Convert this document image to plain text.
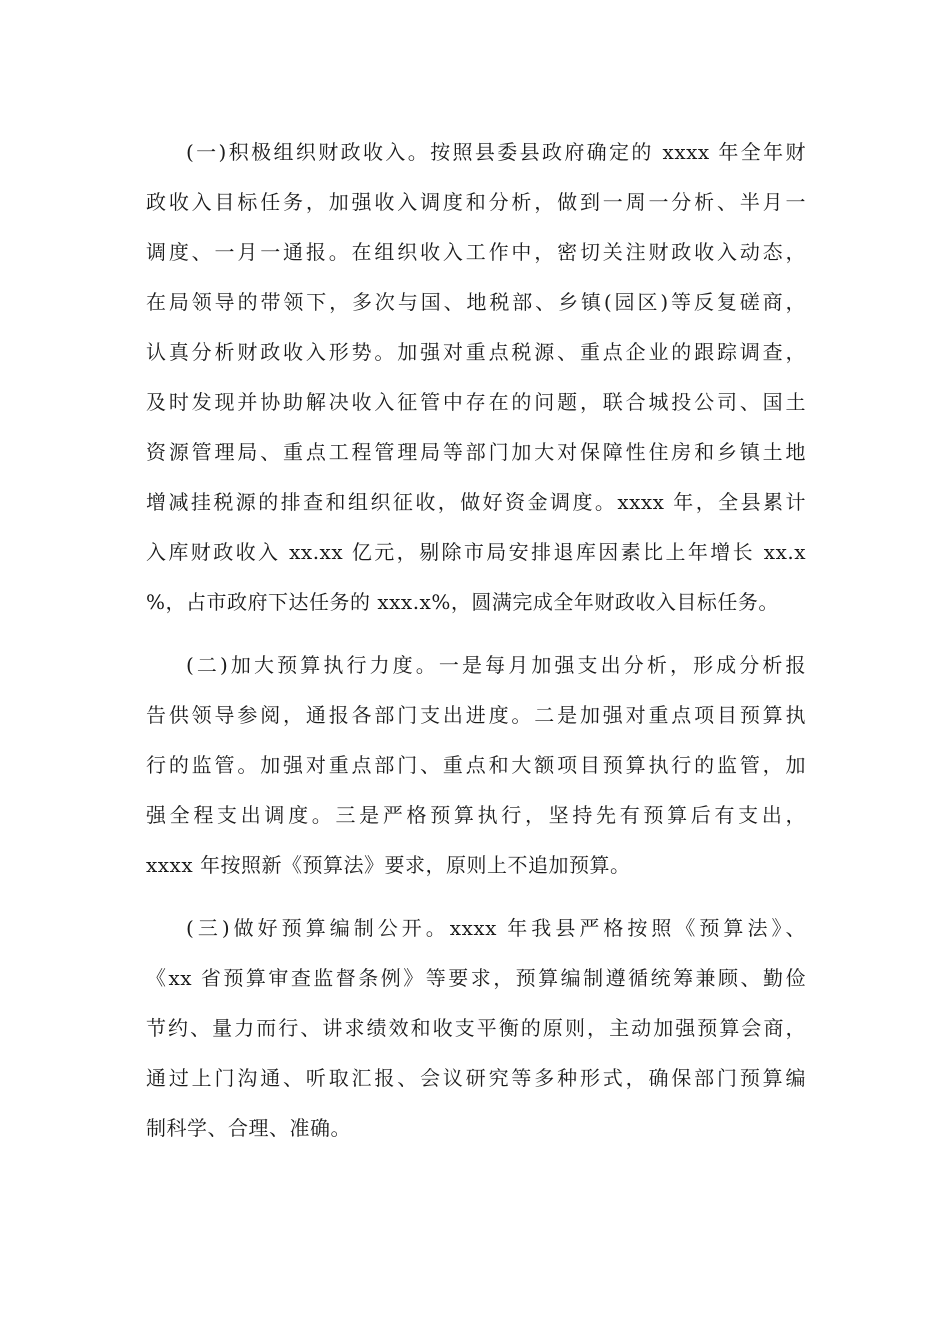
(一)积极组织财政收入。按照县委县政府确定的 xxxx 年全年财
政收入目标任务，加强收入调度和分析，做到一周一分析、半月一
调度、一月一通报。在组织收入工作中，密切关注财政收入动态，
在局领导的带领下，多次与国、地税部、乡镇(园区)等反复磋商，
认真分析财政收入形势。加强对重点税源、重点企业的跟踪调查，
及时发现并协助解决收入征管中存在的问题，联合城投公司、国土
资源管理局、重点工程管理局等部门加大对保障性住房和乡镇土地
增减挂税源的排查和组织征收，做好资金调度。xxxx 年，全县累计
入库财政收入 xx.xx 亿元，剔除市局安排退库因素比上年增长 xx.x
%，占市政府下达任务的 xxx.x%，圆满完成全年财政收入目标任务。
(二)加大预算执行力度。一是每月加强支出分析，形成分析报
告供领导参阅，通报各部门支出进度。二是加强对重点项目预算执
行的监管。加强对重点部门、重点和大额项目预算执行的监管，加
强全程支出调度。三是严格预算执行，坚持先有预算后有支出，
xxxx 年按照新《预算法》要求，原则上不追加预算。
(三)做好预算编制公开。xxxx 年我县严格按照《预算法》、
《xx 省预算审查监督条例》等要求，预算编制遵循统筹兼顾、勤俭
节约、量力而行、讲求绩效和收支平衡的原则，主动加强预算会商，
通过上门沟通、听取汇报、会议研究等多种形式，确保部门预算编
制科学、合理、准确。
